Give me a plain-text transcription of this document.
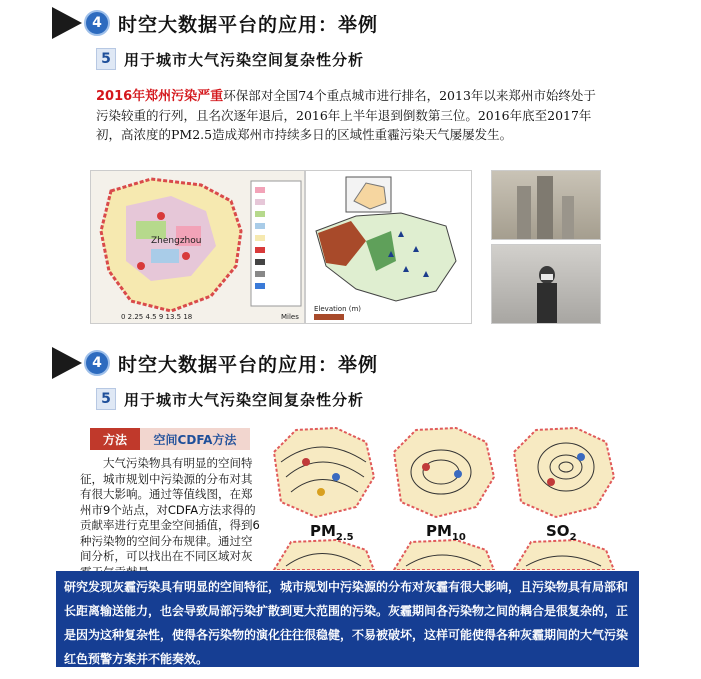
4 时空大数据平台的应用：举例
5 用于城市大气污染空间复杂性分析
2016年郑州污染严重环保部对全国74个重点城市进行排名，2013年以来郑州市始终处于污染较重的行列，且名次逐年退后，2016年上半年退到倒数第三位。2016年底至2017年初，高浓度的PM2.5造成郑州市持续多日的区域性重霾污染天气屡屡发生。
Zhengzhou
0 2.25 4.5 9 13.5 18	Miles
Elevation (m)
4 时空大数据平台的应用：举例
5 用于城市大气污染空间复杂性分析
方法	空间CDFA方法
大气污染物具有明显的空间特征，城市规划中污染源的分布对其有很大影响。通过等值线图，在郑州市9个站点，对CDFA方法求得的贡献率进行克里金空间插值，得到6种污染物的空间分布规律。通过空间分析，可以找出在不同区域对灰
$PM_{2.5}$	$PM_{10}$	$SO_2$
研究发现灰霾污染具有明显的空间特征，城市规划中污染源的分布对灰霾有很大影响，且污染物具有局部和长距离输送能力，也会导致局部污染扩散到更大范围的污染。灰霾期间各污染物之间的耦合是很复杂的，正是因为这种复杂性，使得各污染物的演化往往很稳健，不易被破坏，这样可能使得各种灰霾期间的大气污染红色预警方案并不能奏效。
